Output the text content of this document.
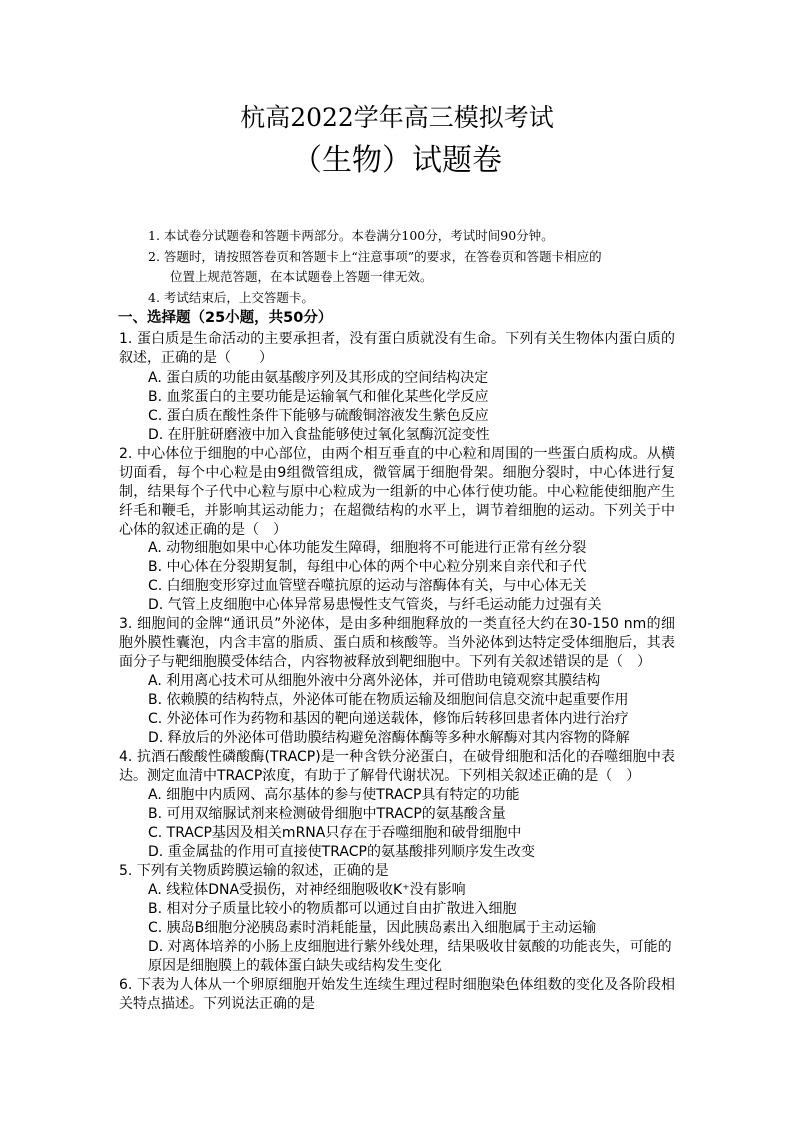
杭高2022学年高三模拟考试
（生物）试题卷
1. 本试卷分试题卷和答题卡两部分。本卷满分100分，考试时间90分钟。
2. 答题时，请按照答卷页和答题卡上“注意事项”的要求，在答卷页和答题卡相应的
位置上规范答题，在本试题卷上答题一律无效。
4. 考试结束后，上交答题卡。
一、选择题（25小题，共50分）
1. 蛋白质是生命活动的主要承担者，没有蛋白质就没有生命。下列有关生物体内蛋白质的叙述，正确的是（　　）
A. 蛋白质的功能由氨基酸序列及其形成的空间结构决定
B. 血浆蛋白的主要功能是运输氧气和催化某些化学反应
C. 蛋白质在酸性条件下能够与硫酸铜溶液发生紫色反应
D. 在肝脏研磨液中加入食盐能够使过氧化氢酶沉淀变性
2. 中心体位于细胞的中心部位，由两个相互垂直的中心粒和周围的一些蛋白质构成。从横切面看，每个中心粒是由9组微管组成，微管属于细胞骨架。细胞分裂时，中心体进行复制，结果每个子代中心粒与原中心粒成为一组新的中心体行使功能。中心粒能使细胞产生纤毛和鞭毛，并影响其运动能力；在超微结构的水平上，调节着细胞的运动。下列关于中心体的叙述正确的是（　）
A. 动物细胞如果中心体功能发生障碍，细胞将不可能进行正常有丝分裂
B. 中心体在分裂期复制，每组中心体的两个中心粒分别来自亲代和子代
C. 白细胞变形穿过血管壁吞噬抗原的运动与溶酶体有关，与中心体无关
D. 气管上皮细胞中心体异常易患慢性支气管炎，与纤毛运动能力过强有关
3. 细胞间的金牌“通讯员”外泌体，是由多种细胞释放的一类直径大约在30-150 nm的细胞外膜性囊泡，内含丰富的脂质、蛋白质和核酸等。当外泌体到达特定受体细胞后，其表面分子与靶细胞膜受体结合，内容物被释放到靶细胞中。下列有关叙述错误的是（　）
A. 利用离心技术可从细胞外液中分离外泌体，并可借助电镜观察其膜结构
B. 依赖膜的结构特点，外泌体可能在物质运输及细胞间信息交流中起重要作用
C. 外泌体可作为药物和基因的靶向递送载体，修饰后转移回患者体内进行治疗
D. 释放后的外泌体可借助膜结构避免溶酶体酶等多种水解酶对其内容物的降解
4. 抗酒石酸酸性磷酸酶(TRACP)是一种含铁分泌蛋白，在破骨细胞和活化的吞噬细胞中表达。测定血清中TRACP浓度，有助于了解骨代谢状况。下列相关叙述正确的是（　）
A. 细胞中内质网、高尔基体的参与使TRACP具有特定的功能
B. 可用双缩脲试剂来检测破骨细胞中TRACP的氨基酸含量
C. TRACP基因及相关mRNA只存在于吞噬细胞和破骨细胞中
D. 重金属盐的作用可直接使TRACP的氨基酸排列顺序发生改变
5. 下列有关物质跨膜运输的叙述，正确的是
A. 线粒体DNA受损伤，对神经细胞吸收K⁺没有影响
B. 相对分子质量比较小的物质都可以通过自由扩散进入细胞
C. 胰岛B细胞分泌胰岛素时消耗能量，因此胰岛素出入细胞属于主动运输
D. 对离体培养的小肠上皮细胞进行紫外线处理，结果吸收甘氨酸的功能丧失，可能的原因是细胞膜上的载体蛋白缺失或结构发生变化
6. 下表为人体从一个卵原细胞开始发生连续生理过程时细胞染色体组数的变化及各阶段相关特点描述。下列说法正确的是
